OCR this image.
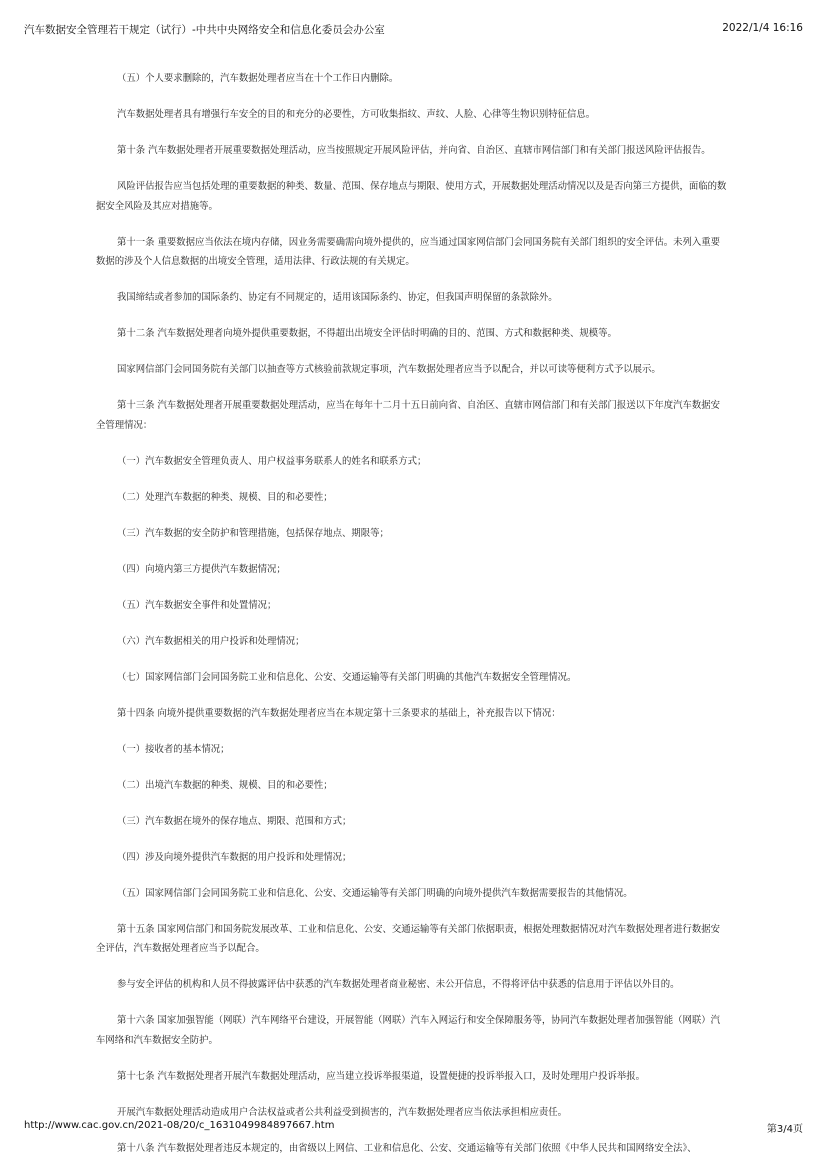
汽车数据安全管理若干规定（试行）-中共中央网络安全和信息化委员会办公室	2022/1/4 16:16

（五）个人要求删除的，汽车数据处理者应当在十个工作日内删除。

汽车数据处理者具有增强行车安全的目的和充分的必要性，方可收集指纹、声纹、人脸、心律等生物识别特征信息。

第十条 汽车数据处理者开展重要数据处理活动，应当按照规定开展风险评估，并向省、自治区、直辖市网信部门和有关部门报送风险评估报告。

风险评估报告应当包括处理的重要数据的种类、数量、范围、保存地点与期限、使用方式，开展数据处理活动情况以及是否向第三方提供，面临的数据安全风险及其应对措施等。

第十一条 重要数据应当依法在境内存储，因业务需要确需向境外提供的，应当通过国家网信部门会同国务院有关部门组织的安全评估。未列入重要数据的涉及个人信息数据的出境安全管理，适用法律、行政法规的有关规定。

我国缔结或者参加的国际条约、协定有不同规定的，适用该国际条约、协定，但我国声明保留的条款除外。

第十二条 汽车数据处理者向境外提供重要数据，不得超出出境安全评估时明确的目的、范围、方式和数据种类、规模等。

国家网信部门会同国务院有关部门以抽查等方式核验前款规定事项，汽车数据处理者应当予以配合，并以可读等便利方式予以展示。

第十三条 汽车数据处理者开展重要数据处理活动，应当在每年十二月十五日前向省、自治区、直辖市网信部门和有关部门报送以下年度汽车数据安全管理情况：

（一）汽车数据安全管理负责人、用户权益事务联系人的姓名和联系方式；

（二）处理汽车数据的种类、规模、目的和必要性；

（三）汽车数据的安全防护和管理措施，包括保存地点、期限等；

（四）向境内第三方提供汽车数据情况；

（五）汽车数据安全事件和处置情况；

（六）汽车数据相关的用户投诉和处理情况；

（七）国家网信部门会同国务院工业和信息化、公安、交通运输等有关部门明确的其他汽车数据安全管理情况。

第十四条 向境外提供重要数据的汽车数据处理者应当在本规定第十三条要求的基础上，补充报告以下情况：

（一）接收者的基本情况；

（二）出境汽车数据的种类、规模、目的和必要性；

（三）汽车数据在境外的保存地点、期限、范围和方式；

（四）涉及向境外提供汽车数据的用户投诉和处理情况；

（五）国家网信部门会同国务院工业和信息化、公安、交通运输等有关部门明确的向境外提供汽车数据需要报告的其他情况。

第十五条 国家网信部门和国务院发展改革、工业和信息化、公安、交通运输等有关部门依据职责，根据处理数据情况对汽车数据处理者进行数据安全评估，汽车数据处理者应当予以配合。

参与安全评估的机构和人员不得披露评估中获悉的汽车数据处理者商业秘密、未公开信息，不得将评估中获悉的信息用于评估以外目的。

第十六条 国家加强智能（网联）汽车网络平台建设，开展智能（网联）汽车入网运行和安全保障服务等，协同汽车数据处理者加强智能（网联）汽车网络和汽车数据安全防护。

第十七条 汽车数据处理者开展汽车数据处理活动，应当建立投诉举报渠道，设置便捷的投诉举报入口，及时处理用户投诉举报。

开展汽车数据处理活动造成用户合法权益或者公共利益受到损害的，汽车数据处理者应当依法承担相应责任。

第十八条 汽车数据处理者违反本规定的，由省级以上网信、工业和信息化、公安、交通运输等有关部门依照《中华人民共和国网络安全法》、

http://www.cac.gov.cn/2021-08/20/c_1631049984897667.htm	第3/4页
